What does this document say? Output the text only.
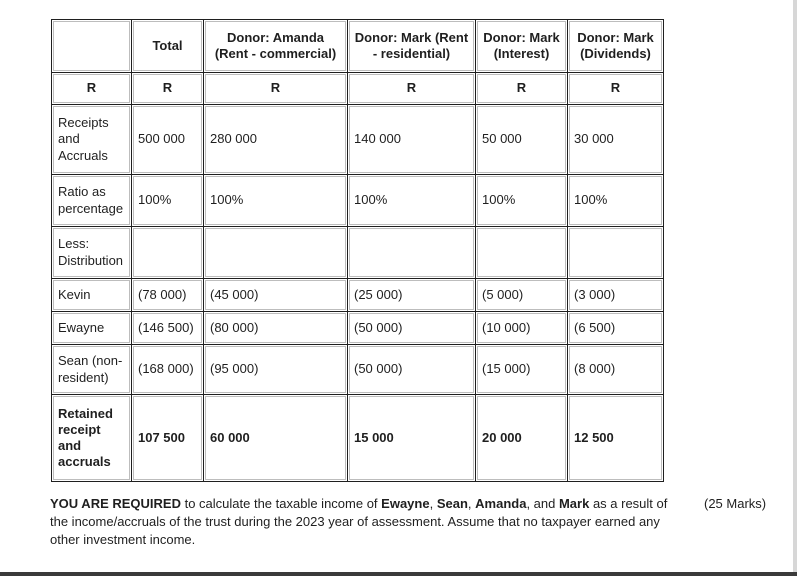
	Total	Donor: Amanda (Rent - commercial)	Donor: Mark (Rent - residential)	Donor: Mark (Interest)	Donor: Mark (Dividends)
R	R	R	R	R	R
Receipts and Accruals	500 000	280 000	140 000	50 000	30 000
Ratio as percentage	100%	100%	100%	100%	100%
Less: Distribution					
Kevin	(78 000)	(45 000)	(25 000)	(5 000)	(3 000)
Ewayne	(146 500)	(80 000)	(50 000)	(10 000)	(6 500)
Sean (non-resident)	(168 000)	(95 000)	(50 000)	(15 000)	(8 000)
Retained receipt and accruals	107 500	60 000	15 000	20 000	12 500
YOU ARE REQUIRED to calculate the taxable income of Ewayne, Sean, Amanda, and Mark as a result of the income/accruals of the trust during the 2023 year of assessment. Assume that no taxpayer earned any other investment income.
(25 Marks)
